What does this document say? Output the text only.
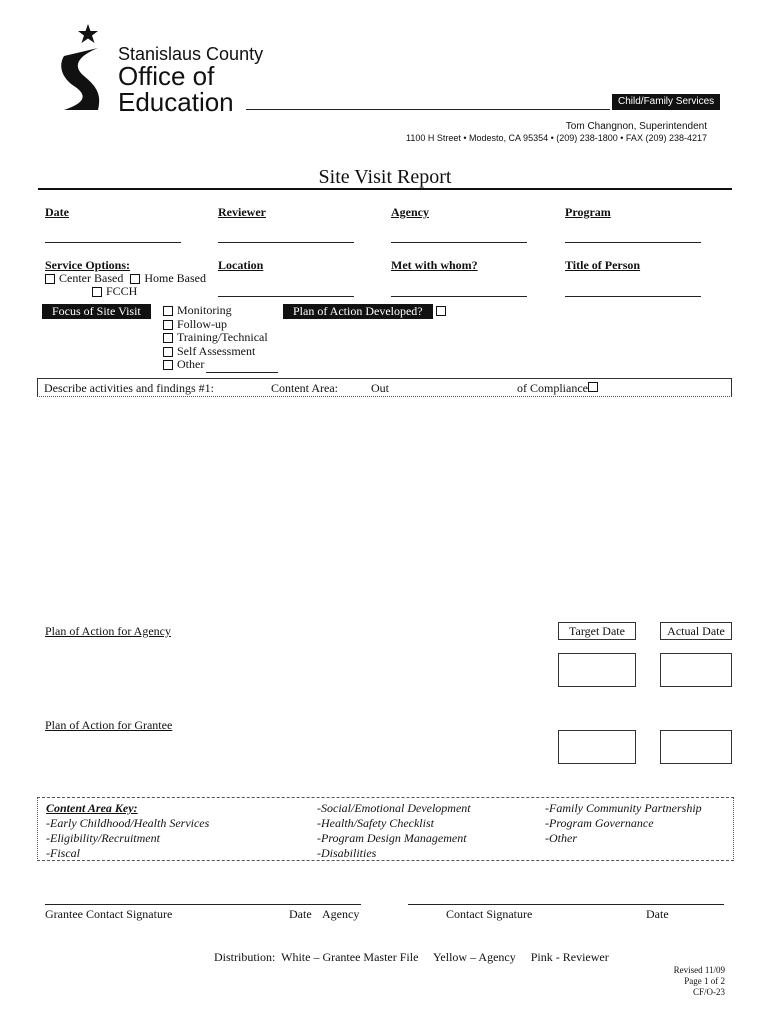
Stanislaus County
Office of
Education	Child/Family Services
Tom Changnon, Superintendent
1100 H Street • Modesto, CA 95354 • (209) 238-1800 • FAX (209) 238-4217
Site Visit Report
Date	Reviewer	Agency	Program
Service Options:
Center Based Home Based
FCCH
Location	Met with whom?	Title of Person
Focus of Site Visit	Monitoring
Follow-up
Training/Technical
Self Assessment
Other
Plan of Action Developed?
Describe activities and findings #1:	Content Area:	Out	of Compliance
Plan of Action for Agency	Target Date	Actual Date
Plan of Action for Grantee
Content Area Key:
-Early Childhood/Health Services
-Eligibility/Recruitment
-Fiscal
-Social/Emotional Development
-Health/Safety Checklist
-Program Design Management
-Disabilities
-Family Community Partnership
-Program Governance
-Other
Grantee Contact Signature	Date Agency	Contact Signature	Date
Distribution:  White – Grantee Master File     Yellow – Agency     Pink - Reviewer
Revised 11/09
Page 1 of 2
CF/O-23
